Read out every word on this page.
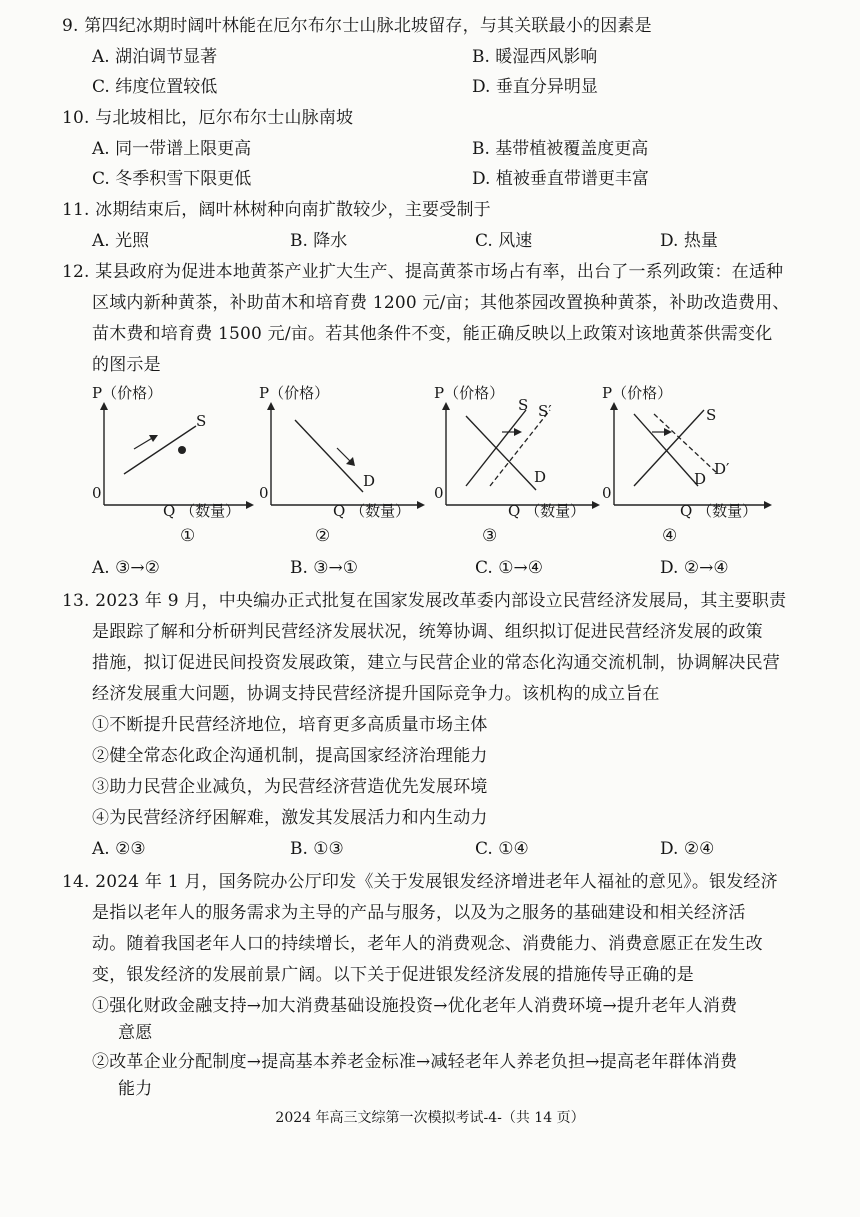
9. 第四纪冰期时阔叶林能在厄尔布尔士山脉北坡留存，与其关联最小的因素是
A. 湖泊调节显著	B. 暖湿西风影响
C. 纬度位置较低	D. 垂直分异明显
10. 与北坡相比，厄尔布尔士山脉南坡
A. 同一带谱上限更高	B. 基带植被覆盖度更高
C. 冬季积雪下限更低	D. 植被垂直带谱更丰富
11. 冰期结束后，阔叶林树种向南扩散较少，主要受制于
A. 光照	B. 降水	C. 风速	D. 热量
12. 某县政府为促进本地黄茶产业扩大生产、提高黄茶市场占有率，出台了一系列政策：在适种
区域内新种黄茶，补助苗木和培育费 1200 元/亩；其他茶园改置换种黄茶，补助改造费用、
苗木费和培育费 1500 元/亩。若其他条件不变，能正确反映以上政策对该地黄茶供需变化
的图示是
P（价格）
S
0
Q （数量）
①
P（价格）
D
0
Q （数量）
②
P（价格）
S S′
D
0
Q （数量）
③
P（价格）
S
D′
D
0
Q （数量）
④
A. ③→②	B. ③→①	C. ①→④	D. ②→④
13. 2023 年 9 月，中央编办正式批复在国家发展改革委内部设立民营经济发展局，其主要职责
是跟踪了解和分析研判民营经济发展状况，统筹协调、组织拟订促进民营经济发展的政策
措施，拟订促进民间投资发展政策，建立与民营企业的常态化沟通交流机制，协调解决民营
经济发展重大问题，协调支持民营经济提升国际竞争力。该机构的成立旨在
①不断提升民营经济地位，培育更多高质量市场主体
②健全常态化政企沟通机制，提高国家经济治理能力
③助力民营企业减负，为民营经济营造优先发展环境
④为民营经济纾困解难，激发其发展活力和内生动力
A. ②③	B. ①③	C. ①④	D. ②④
14. 2024 年 1 月，国务院办公厅印发《关于发展银发经济增进老年人福祉的意见》。银发经济
是指以老年人的服务需求为主导的产品与服务，以及为之服务的基础建设和相关经济活
动。随着我国老年人口的持续增长，老年人的消费观念、消费能力、消费意愿正在发生改
变，银发经济的发展前景广阔。以下关于促进银发经济发展的措施传导正确的是
①强化财政金融支持→加大消费基础设施投资→优化老年人消费环境→提升老年人消费
意愿
②改革企业分配制度→提高基本养老金标准→减轻老年人养老负担→提高老年群体消费
能力
2024 年高三文综第一次模拟考试-4-（共 14 页）
